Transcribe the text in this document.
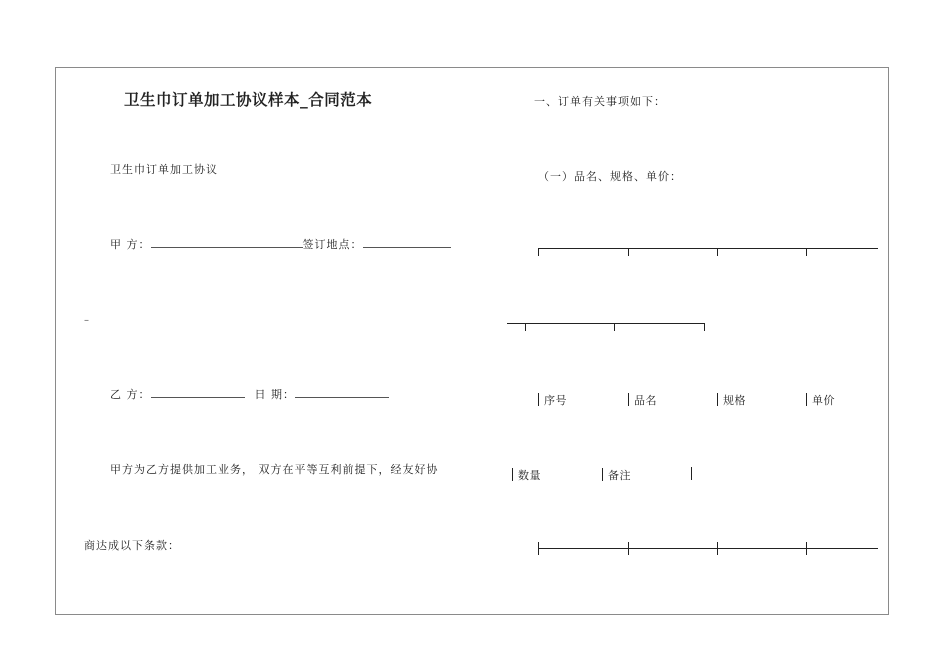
卫生巾订单加工协议样本_合同范本
卫生巾订单加工协议
甲 方：	签订地点：
–
乙 方：	日 期：
甲方为乙方提供加工业务， 双方在平等互利前提下，经友好协
商达成以下条款：
一、订单有关事项如下：
（一）品名、规格、单价：
序号	品名	规格	单价
数量	备注
